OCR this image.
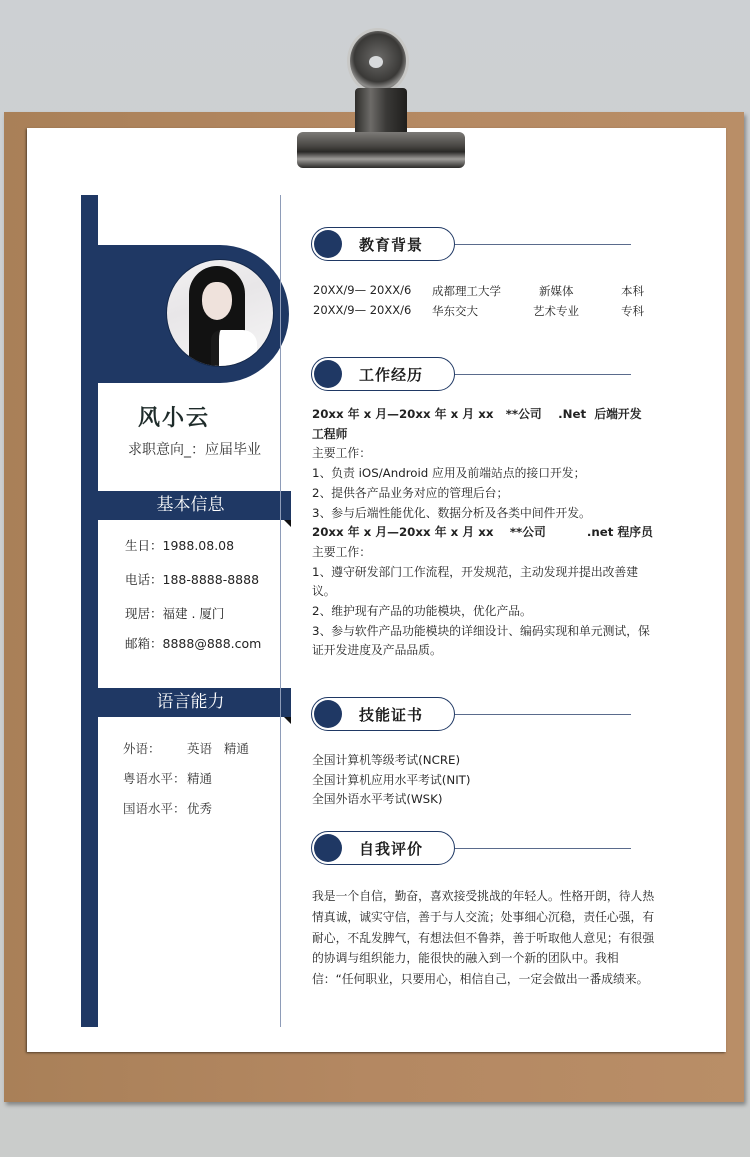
风小云
求职意向_：应届毕业
基本信息
生日：1988.08.08
电话：188-8888-8888
现居：福建 . 厦门
邮箱：8888@888.com
语言能力
外语： 英语   精通
粤语水平：精通
国语水平：优秀
教育背景
20XX/9— 20XX/6 成都理工大学	新媒体	本科
20XX/9— 20XX/6 华东交大	艺术专业	专科
工作经历
20xx 年 x 月—20xx 年 x 月 xx   **公司    .Net  后端开发工程师
主要工作：
1、负责 iOS/Android 应用及前端站点的接口开发；
2、提供各产品业务对应的管理后台；
3、参与后端性能优化、数据分析及各类中间件开发。
20xx 年 x 月—20xx 年 x 月 xx    **公司          .net 程序员
主要工作：
1、遵守研发部门工作流程，开发规范，主动发现并提出改善建议。
2、维护现有产品的功能模块，优化产品。
3、参与软件产品功能模块的详细设计、编码实现和单元测试，保证开发进度及产品品质。
技能证书
全国计算机等级考试(NCRE)
全国计算机应用水平考试(NIT)
全国外语水平考试(WSK)
自我评价
我是一个自信，勤奋，喜欢接受挑战的年轻人。性格开朗，待人热情真诚，诚实守信，善于与人交流；处事细心沉稳，责任心强，有耐心，不乱发脾气，有想法但不鲁莽，善于听取他人意见；有很强的协调与组织能力，能很快的融入到一个新的团队中。我相信：“任何职业，只要用心，相信自己，一定会做出一番成绩来。
